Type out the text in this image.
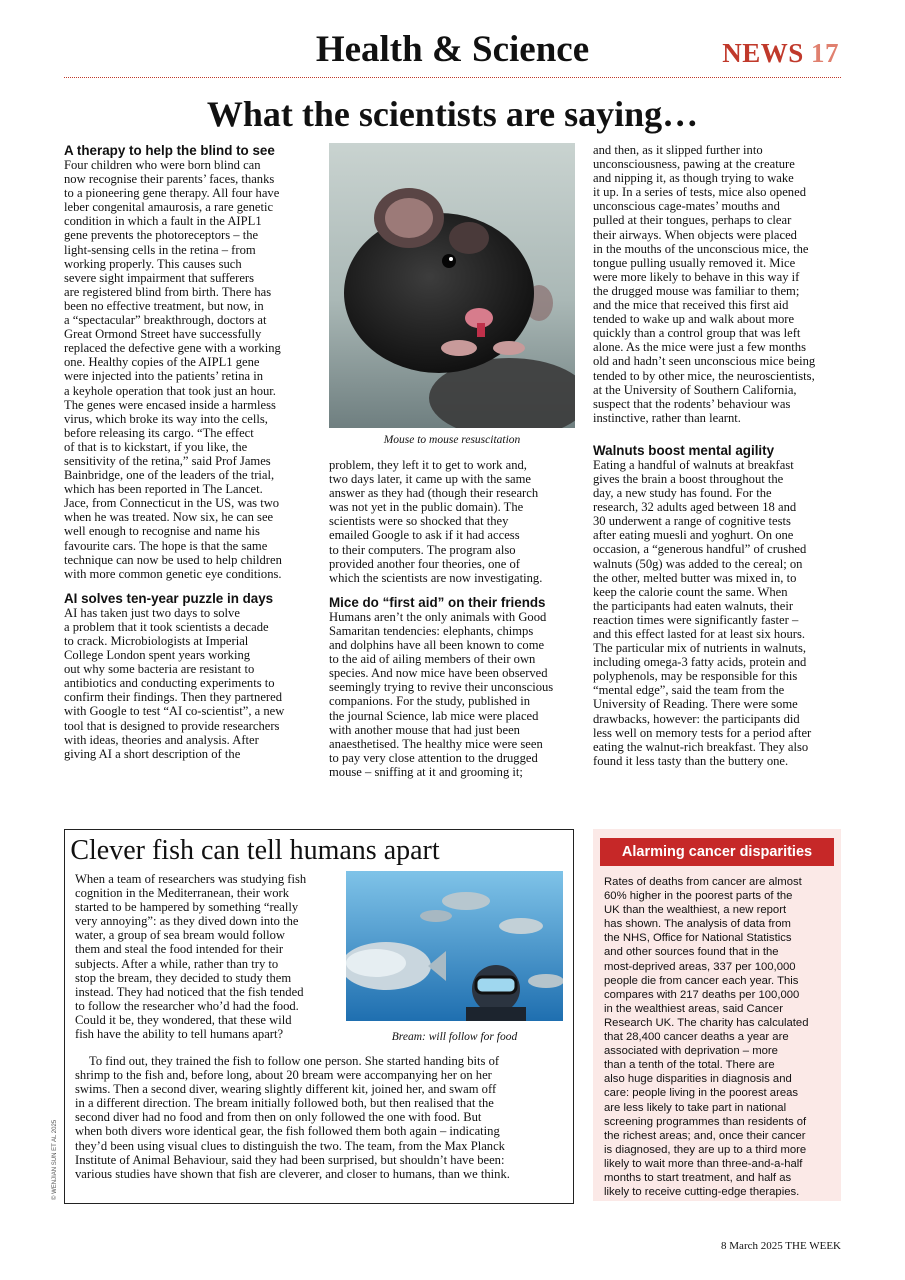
Health & Science	NEWS 17
What the scientists are saying…

A therapy to help the blind to see

Four children who were born blind can
now recognise their parents’ faces, thanks
to a pioneering gene therapy. All four have
leber congenital amaurosis, a rare genetic
condition in which a fault in the AIPL1
gene prevents the photoreceptors – the
light-sensing cells in the retina – from
working properly. This causes such
severe sight impairment that sufferers
are registered blind from birth. There has
been no effective treatment, but now, in
a “spectacular” breakthrough, doctors at
Great Ormond Street have successfully
replaced the defective gene with a working
one. Healthy copies of the AIPL1 gene
were injected into the patients’ retina in
a keyhole operation that took just an hour.
The genes were encased inside a harmless
virus, which broke its way into the cells,
before releasing its cargo. “The effect
of that is to kickstart, if you like, the
sensitivity of the retina,” said Prof James
Bainbridge, one of the leaders of the trial,
which has been reported in The Lancet.
Jace, from Connecticut in the US, was two
when he was treated. Now six, he can see
well enough to recognise and name his
favourite cars. The hope is that the same
technique can now be used to help children
with more common genetic eye conditions.

AI solves ten-year puzzle in days

AI has taken just two days to solve
a problem that it took scientists a decade
to crack. Microbiologists at Imperial
College London spent years working
out why some bacteria are resistant to
antibiotics and conducting experiments to
confirm their findings. Then they partnered
with Google to test “AI co-scientist”, a new
tool that is designed to provide researchers
with ideas, theories and analysis. After
giving AI a short description of the
Mouse to mouse resuscitation
problem, they left it to get to work and,
two days later, it came up with the same
answer as they had (though their research
was not yet in the public domain). The
scientists were so shocked that they
emailed Google to ask if it had access
to their computers. The program also
provided another four theories, one of
which the scientists are now investigating.

Mice do “first aid” on their friends

Humans aren’t the only animals with Good
Samaritan tendencies: elephants, chimps
and dolphins have all been known to come
to the aid of ailing members of their own
species. And now mice have been observed
seemingly trying to revive their unconscious
companions. For the study, published in
the journal Science, lab mice were placed
with another mouse that had just been
anaesthetised. The healthy mice were seen
to pay very close attention to the drugged
mouse – sniffing at it and grooming it;
and then, as it slipped further into
unconsciousness, pawing at the creature
and nipping it, as though trying to wake
it up. In a series of tests, mice also opened
unconscious cage-mates’ mouths and
pulled at their tongues, perhaps to clear
their airways. When objects were placed
in the mouths of the unconscious mice, the
tongue pulling usually removed it. Mice
were more likely to behave in this way if
the drugged mouse was familiar to them;
and the mice that received this first aid
tended to wake up and walk about more
quickly than a control group that was left
alone. As the mice were just a few months
old and hadn’t seen unconscious mice being
tended to by other mice, the neuroscientists,
at the University of Southern California,
suspect that the rodents’ behaviour was
instinctive, rather than learnt.

Walnuts boost mental agility

Eating a handful of walnuts at breakfast
gives the brain a boost throughout the
day, a new study has found. For the
research, 32 adults aged between 18 and
30 underwent a range of cognitive tests
after eating muesli and yoghurt. On one
occasion, a “generous handful” of crushed
walnuts (50g) was added to the cereal; on
the other, melted butter was mixed in, to
keep the calorie count the same. When
the participants had eaten walnuts, their
reaction times were significantly faster –
and this effect lasted for at least six hours.
The particular mix of nutrients in walnuts,
including omega-3 fatty acids, protein and
polyphenols, may be responsible for this
“mental edge”, said the team from the
University of Reading. There were some
drawbacks, however: the participants did
less well on memory tests for a period after
eating the walnut-rich breakfast. They also
found it less tasty than the buttery one.
Clever fish can tell humans apart
When a team of researchers was studying fish
cognition in the Mediterranean, their work
started to be hampered by something “really
very annoying”: as they dived down into the
water, a group of sea bream would follow
them and steal the food intended for their
subjects. After a while, rather than try to
stop the bream, they decided to study them
instead. They had noticed that the fish tended
to follow the researcher who’d had the food.
Could it be, they wondered, that these wild
fish have the ability to tell humans apart?	Bream: will follow for food
To find out, they trained the fish to follow one person. She started handing bits of
shrimp to the fish and, before long, about 20 bream were accompanying her on her
swims. Then a second diver, wearing slightly different kit, joined her, and swam off
in a different direction. The bream initially followed both, but then realised that the
second diver had no food and from then on only followed the one with food. But
when both divers wore identical gear, the fish followed them both again – indicating
they’d been using visual clues to distinguish the two. The team, from the Max Planck
Institute of Animal Behaviour, said they had been surprised, but shouldn’t have been:
various studies have shown that fish are cleverer, and closer to humans, than we think.
Alarming cancer disparities
Rates of deaths from cancer are almost
60% higher in the poorest parts of the
UK than the wealthiest, a new report
has shown. The analysis of data from
the NHS, Office for National Statistics
and other sources found that in the
most-deprived areas, 337 per 100,000
people die from cancer each year. This
compares with 217 deaths per 100,000
in the wealthiest areas, said Cancer
Research UK. The charity has calculated
that 28,400 cancer deaths a year are
associated with deprivation – more
than a tenth of the total. There are
also huge disparities in diagnosis and
care: people living in the poorest areas
are less likely to take part in national
screening programmes than residents of
the richest areas; and, once their cancer
is diagnosed, they are up to a third more
likely to wait more than three-and-a-half
months to start treatment, and half as
likely to receive cutting-edge therapies.
© WENJIAN SUN ET AL 2025
8 March 2025 THE WEEK
